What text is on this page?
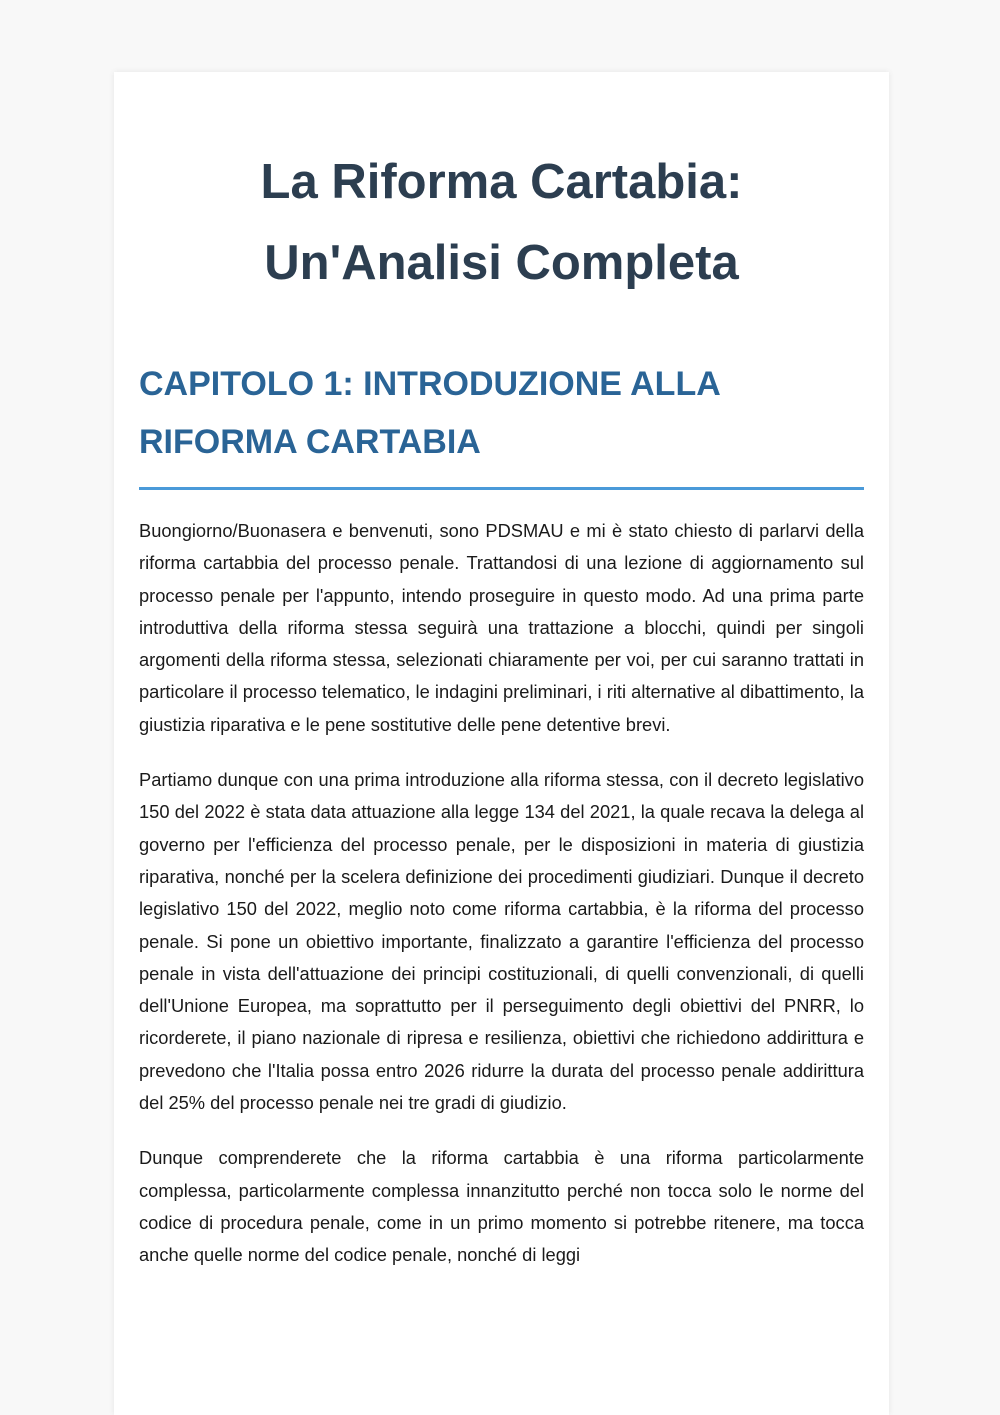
La Riforma Cartabia:
Un'Analisi Completa
CAPITOLO 1: INTRODUZIONE ALLA
RIFORMA CARTABIA

Buongiorno/Buonasera e benvenuti, sono PDSMAU e mi è stato chiesto di parlarvi della riforma cartabbia del processo penale. Trattandosi di una lezione di aggiornamento sul processo penale per l'appunto, intendo proseguire in questo modo. Ad una prima parte introduttiva della riforma stessa seguirà una trattazione a blocchi, quindi per singoli argomenti della riforma stessa, selezionati chiaramente per voi, per cui saranno trattati in particolare il processo telematico, le indagini preliminari, i riti alternative al dibattimento, la giustizia riparativa e le pene sostitutive delle pene detentive brevi.

Partiamo dunque con una prima introduzione alla riforma stessa, con il decreto legislativo 150 del 2022 è stata data attuazione alla legge 134 del 2021, la quale recava la delega al governo per l'efficienza del processo penale, per le disposizioni in materia di giustizia riparativa, nonché per la scelera definizione dei procedimenti giudiziari. Dunque il decreto legislativo 150 del 2022, meglio noto come riforma cartabbia, è la riforma del processo penale. Si pone un obiettivo importante, finalizzato a garantire l'efficienza del processo penale in vista dell'attuazione dei principi costituzionali, di quelli convenzionali, di quelli dell'Unione Europea, ma soprattutto per il perseguimento degli obiettivi del PNRR, lo ricorderete, il piano nazionale di ripresa e resilienza, obiettivi che richiedono addirittura e prevedono che l'Italia possa entro 2026 ridurre la durata del processo penale addirittura del 25% del processo penale nei tre gradi di giudizio.

Dunque comprenderete che la riforma cartabbia è una riforma particolarmente complessa, particolarmente complessa innanzitutto perché non tocca solo le norme del codice di procedura penale, come in un primo momento si potrebbe ritenere, ma tocca anche quelle norme del codice penale, nonché di leggi
